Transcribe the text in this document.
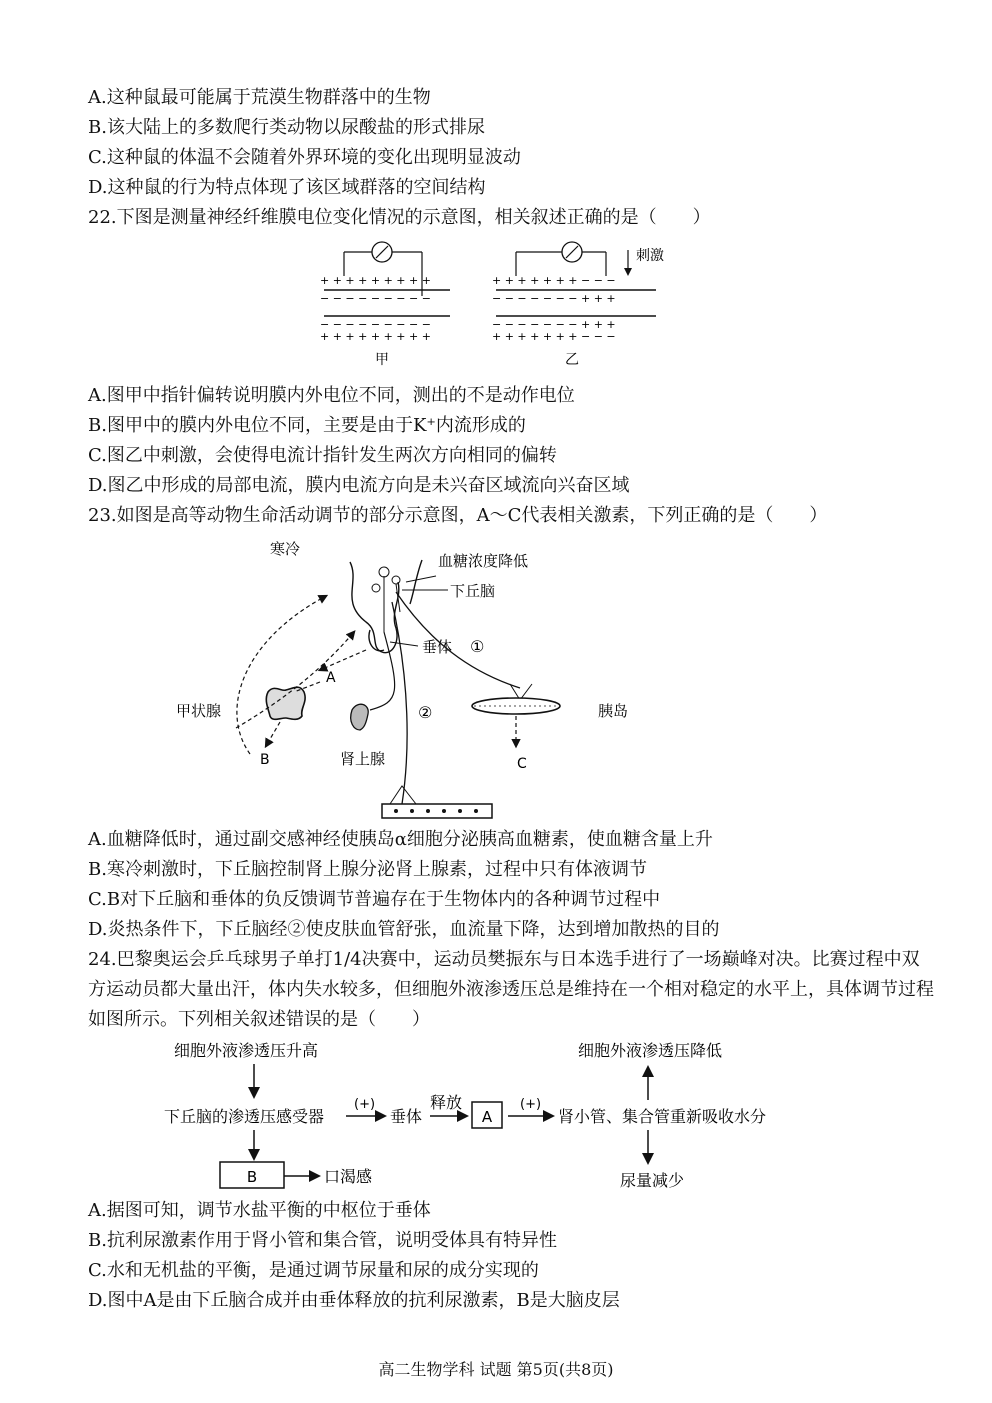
A.这种鼠最可能属于荒漠生物群落中的生物
B.该大陆上的多数爬行类动物以尿酸盐的形式排尿
C.这种鼠的体温不会随着外界环境的变化出现明显波动
D.这种鼠的行为特点体现了该区域群落的空间结构
22.下图是测量神经纤维膜电位变化情况的示意图，相关叙述正确的是（　　）
+ + + + + + + + +
− − − − − − − − −
− − − − − − − − −
+ + + + + + + + +
甲
+ + + + + + + − − −
− − − − − − − + + +
− − − − − − − + + +
+ + + + + + + − − −
刺激
乙
A.图甲中指针偏转说明膜内外电位不同，测出的不是动作电位
B.图甲中的膜内外电位不同，主要是由于K⁺内流形成的
C.图乙中刺激，会使得电流计指针发生两次方向相同的偏转
D.图乙中形成的局部电流，膜内电流方向是未兴奋区域流向兴奋区域
23.如图是高等动物生命活动调节的部分示意图，A～C代表相关激素，下列正确的是（　　）
寒冷
血糖浓度降低
下丘脑
垂体 ①
②
甲状腺
肾上腺
胰岛
A
B	C
A.血糖降低时，通过副交感神经使胰岛α细胞分泌胰高血糖素，使血糖含量上升
B.寒冷刺激时，下丘脑控制肾上腺分泌肾上腺素，过程中只有体液调节
C.B对下丘脑和垂体的负反馈调节普遍存在于生物体内的各种调节过程中
D.炎热条件下，下丘脑经②使皮肤血管舒张，血流量下降，达到增加散热的目的
24.巴黎奥运会乒乓球男子单打1/4决赛中，运动员樊振东与日本选手进行了一场巅峰对决。比赛过程中双方运动员都大量出汗，体内失水较多，但细胞外液渗透压总是维持在一个相对稳定的水平上，具体调节过程如图所示。下列相关叙述错误的是（　　）
细胞外液渗透压升高
下丘脑的渗透压感受器
(+)
垂体
释放
A
(+)
肾小管、集合管重新吸收水分
细胞外液渗透压降低
尿量减少
B	口渴感
A.据图可知，调节水盐平衡的中枢位于垂体
B.抗利尿激素作用于肾小管和集合管，说明受体具有特异性
C.水和无机盐的平衡，是通过调节尿量和尿的成分实现的
D.图中A是由下丘脑合成并由垂体释放的抗利尿激素，B是大脑皮层
高二生物学科 试题 第5页(共8页)
